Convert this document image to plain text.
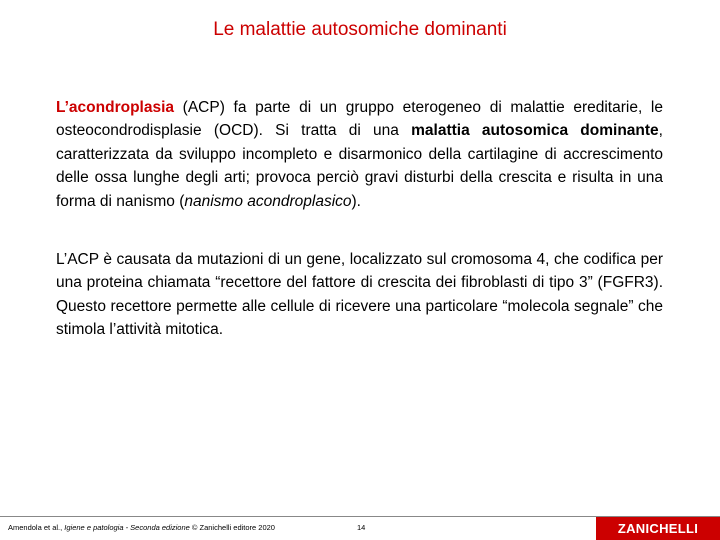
Le malattie autosomiche dominanti

L’acondroplasia (ACP) fa parte di un gruppo eterogeneo di malattie ereditarie, le osteocondrodisplasie (OCD). Si tratta di una malattia autosomica dominante, caratterizzata da sviluppo incompleto e disarmonico della cartilagine di accrescimento delle ossa lunghe degli arti; provoca perciò gravi disturbi della crescita e risulta in una forma di nanismo (nanismo acondroplasico).

L’ACP è causata da mutazioni di un gene, localizzato sul cromosoma 4, che codifica per una proteina chiamata “recettore del fattore di crescita dei fibroblasti di tipo 3” (FGFR3). Questo recettore permette alle cellule di ricevere una particolare “molecola segnale” che stimola l’attività mitotica.

Amendola et al., Igiene e patologia - Seconda edizione © Zanichelli editore 2020	14	ZANICHELLI
